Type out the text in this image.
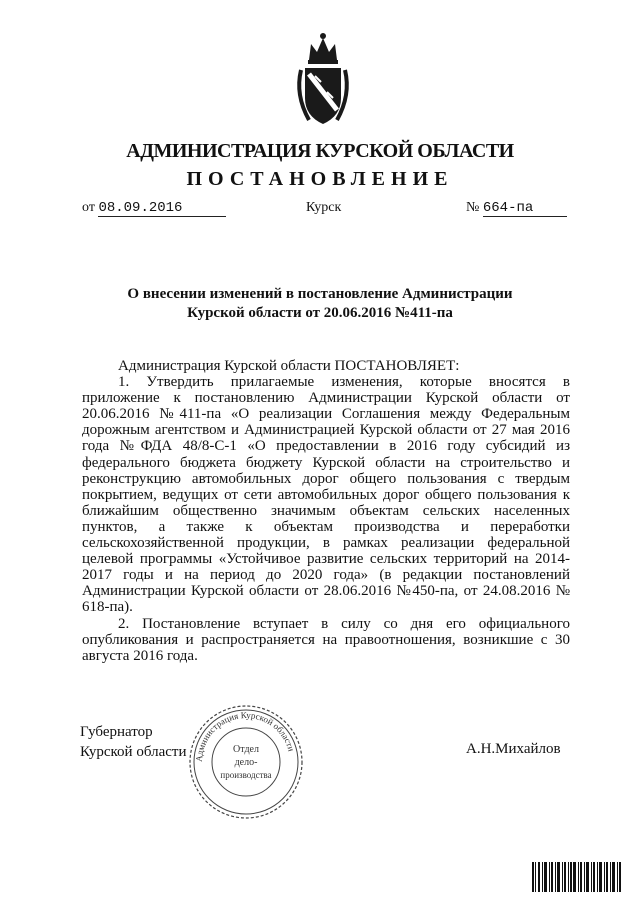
АДМИНИСТРАЦИЯ КУРСКОЙ ОБЛАСТИ
ПОСТАНОВЛЕНИЕ
от 08.09.2016	Курск	№ 664-па
О внесении изменений в постановление Администрации
Курской области от 20.06.2016 №411-па

Администрация Курской области ПОСТАНОВЛЯЕТ:

1. Утвердить прилагаемые изменения, которые вносятся в приложение к постановлению Администрации Курской области от 20.06.2016 №411-па «О реализации Соглашения между Федеральным дорожным агентством и Администрацией Курской области от 27 мая 2016 года №ФДА 48/8-С-1 «О предоставлении в 2016 году субсидий из федерального бюджета бюджету Курской области на строительство и реконструкцию автомобильных дорог общего пользования с твердым покрытием, ведущих от сети автомобильных дорог общего пользования к ближайшим общественно значимым объектам сельских населенных пунктов, а также к объектам производства и переработки сельскохозяйственной продукции, в рамках реализации федеральной целевой программы «Устойчивое развитие сельских территорий на 2014-2017 годы и на период до 2020 года» (в редакции постановлений Администрации Курской области от 28.06.2016 №450-па, от 24.08.2016 № 618-па).

2. Постановление вступает в силу со дня его официального опубликования и распространяется на правоотношения, возникшие с 30 августа 2016 года.

Губернатор
Курской области	А.Н.Михайлов
Администрация Курской области
Отдел
дело-
производства
